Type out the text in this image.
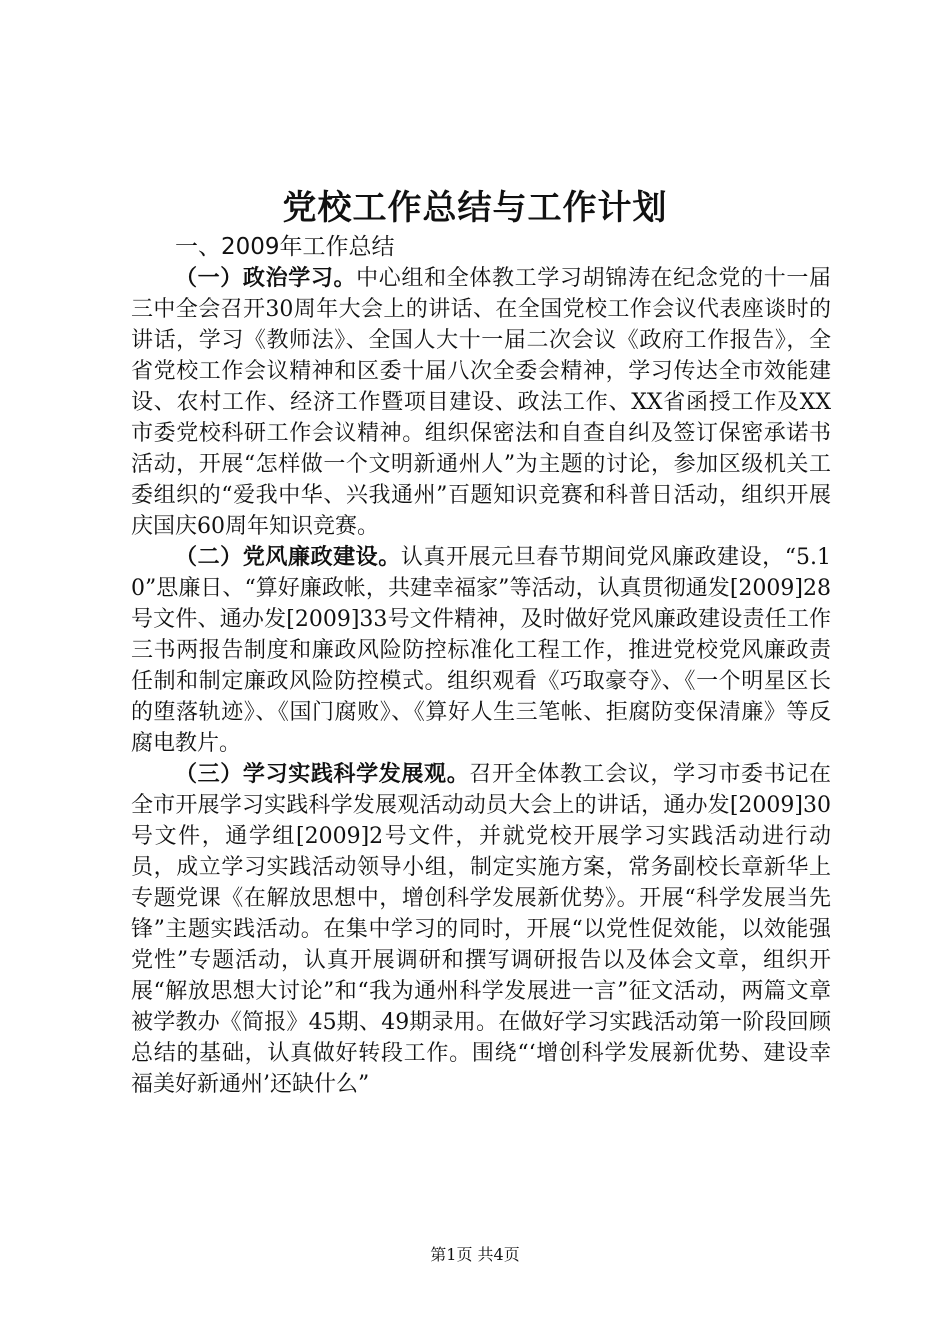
党校工作总结与工作计划

一、2009年工作总结

（一）政治学习。中心组和全体教工学习胡锦涛在纪念党的十一届三中全会召开30周年大会上的讲话、在全国党校工作会议代表座谈时的讲话，学习《教师法》、全国人大十一届二次会议《政府工作报告》，全省党校工作会议精神和区委十届八次全委会精神，学习传达全市效能建设、农村工作、经济工作暨项目建设、政法工作、XX省函授工作及XX市委党校科研工作会议精神。组织保密法和自查自纠及签订保密承诺书活动，开展“怎样做一个文明新通州人”为主题的讨论，参加区级机关工委组织的“爱我中华、兴我通州”百题知识竞赛和科普日活动，组织开展庆国庆60周年知识竞赛。

（二）党风廉政建设。认真开展元旦春节期间党风廉政建设，“5.10”思廉日、“算好廉政帐，共建幸福家”等活动，认真贯彻通发[2009]28号文件、通办发[2009]33号文件精神，及时做好党风廉政建设责任工作三书两报告制度和廉政风险防控标准化工程工作，推进党校党风廉政责任制和制定廉政风险防控模式。组织观看《巧取豪夺》、《一个明星区长的堕落轨迹》、《国门腐败》、《算好人生三笔帐、拒腐防变保清廉》等反腐电教片。

（三）学习实践科学发展观。召开全体教工会议，学习市委书记在全市开展学习实践科学发展观活动动员大会上的讲话，通办发[2009]30号文件，通学组[2009]2号文件，并就党校开展学习实践活动进行动员，成立学习实践活动领导小组，制定实施方案，常务副校长章新华上专题党课《在解放思想中，增创科学发展新优势》。开展“科学发展当先锋”主题实践活动。在集中学习的同时，开展“以党性促效能，以效能强党性”专题活动，认真开展调研和撰写调研报告以及体会文章，组织开展“解放思想大讨论”和“我为通州科学发展进一言”征文活动，两篇文章被学教办《简报》45期、49期录用。在做好学习实践活动第一阶段回顾总结的基础，认真做好转段工作。围绕“‘增创科学发展新优势、建设幸福美好新通州’还缺什么”

第1页 共4页
